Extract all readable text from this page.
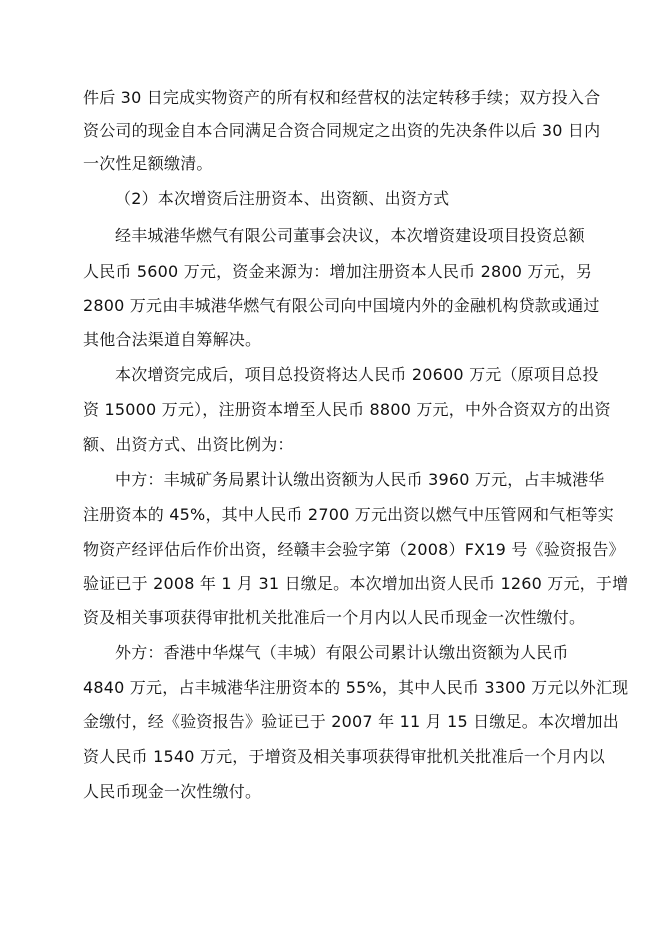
件后 30 日完成实物资产的所有权和经营权的法定转移手续；双方投入合
资公司的现金自本合同满足合资合同规定之出资的先决条件以后 30 日内
一次性足额缴清。
（2）本次增资后注册资本、出资额、出资方式
经丰城港华燃气有限公司董事会决议，本次增资建设项目投资总额
人民币 5600 万元，资金来源为：增加注册资本人民币 2800 万元，另
2800 万元由丰城港华燃气有限公司向中国境内外的金融机构贷款或通过
其他合法渠道自筹解决。
本次增资完成后，项目总投资将达人民币 20600 万元（原项目总投
资 15000 万元），注册资本增至人民币 8800 万元，中外合资双方的出资
额、出资方式、出资比例为：
中方：丰城矿务局累计认缴出资额为人民币 3960 万元，占丰城港华
注册资本的 45%，其中人民币 2700 万元出资以燃气中压管网和气柜等实
物资产经评估后作价出资，经赣丰会验字第（2008）FX19 号《验资报告》
验证已于 2008 年 1 月 31 日缴足。本次增加出资人民币 1260 万元，于增
资及相关事项获得审批机关批准后一个月内以人民币现金一次性缴付。
外方：香港中华煤气（丰城）有限公司累计认缴出资额为人民币
4840 万元，占丰城港华注册资本的 55%，其中人民币 3300 万元以外汇现
金缴付，经《验资报告》验证已于 2007 年 11 月 15 日缴足。本次增加出
资人民币 1540 万元，于增资及相关事项获得审批机关批准后一个月内以
人民币现金一次性缴付。
